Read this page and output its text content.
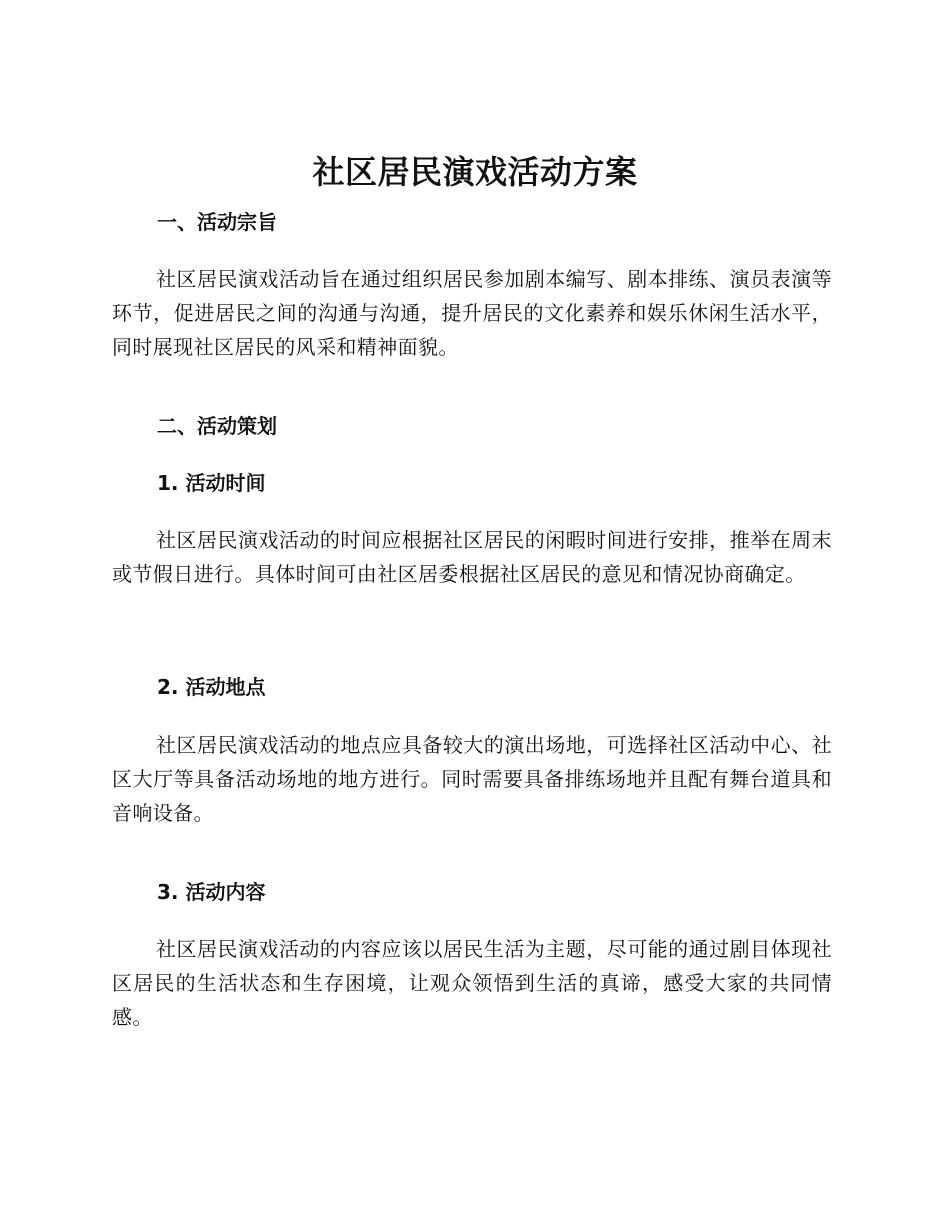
社区居民演戏活动方案
一、活动宗旨
社区居民演戏活动旨在通过组织居民参加剧本编写、剧本排练、演员表演等环节，促进居民之间的沟通与沟通，提升居民的文化素养和娱乐休闲生活水平，同时展现社区居民的风采和精神面貌。
二、活动策划
1. 活动时间
社区居民演戏活动的时间应根据社区居民的闲暇时间进行安排，推举在周末或节假日进行。具体时间可由社区居委根据社区居民的意见和情况协商确定。
2. 活动地点
社区居民演戏活动的地点应具备较大的演出场地，可选择社区活动中心、社区大厅等具备活动场地的地方进行。同时需要具备排练场地并且配有舞台道具和音响设备。
3. 活动内容
社区居民演戏活动的内容应该以居民生活为主题，尽可能的通过剧目体现社区居民的生活状态和生存困境，让观众领悟到生活的真谛，感受大家的共同情感。
